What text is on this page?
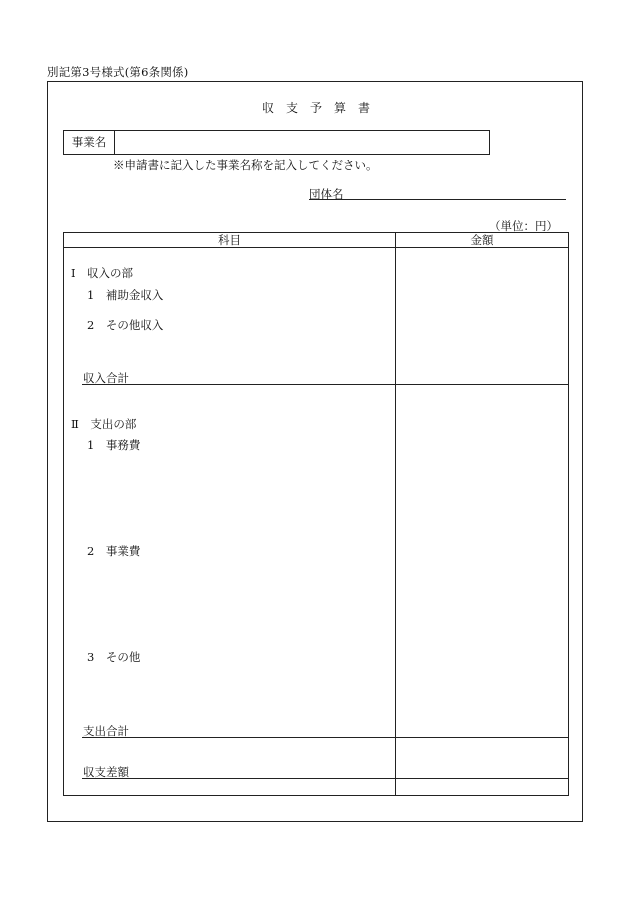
別記第3号様式(第6条関係)
収支予算書
事業名
※申請書に記入した事業名称を記入してください。
団体名
（単位：円）
科目	金額
Ⅰ　収入の部
1　補助金収入
2　その他収入
収入合計
Ⅱ　支出の部
1　事務費
2　事業費
3　その他
支出合計
収支差額
